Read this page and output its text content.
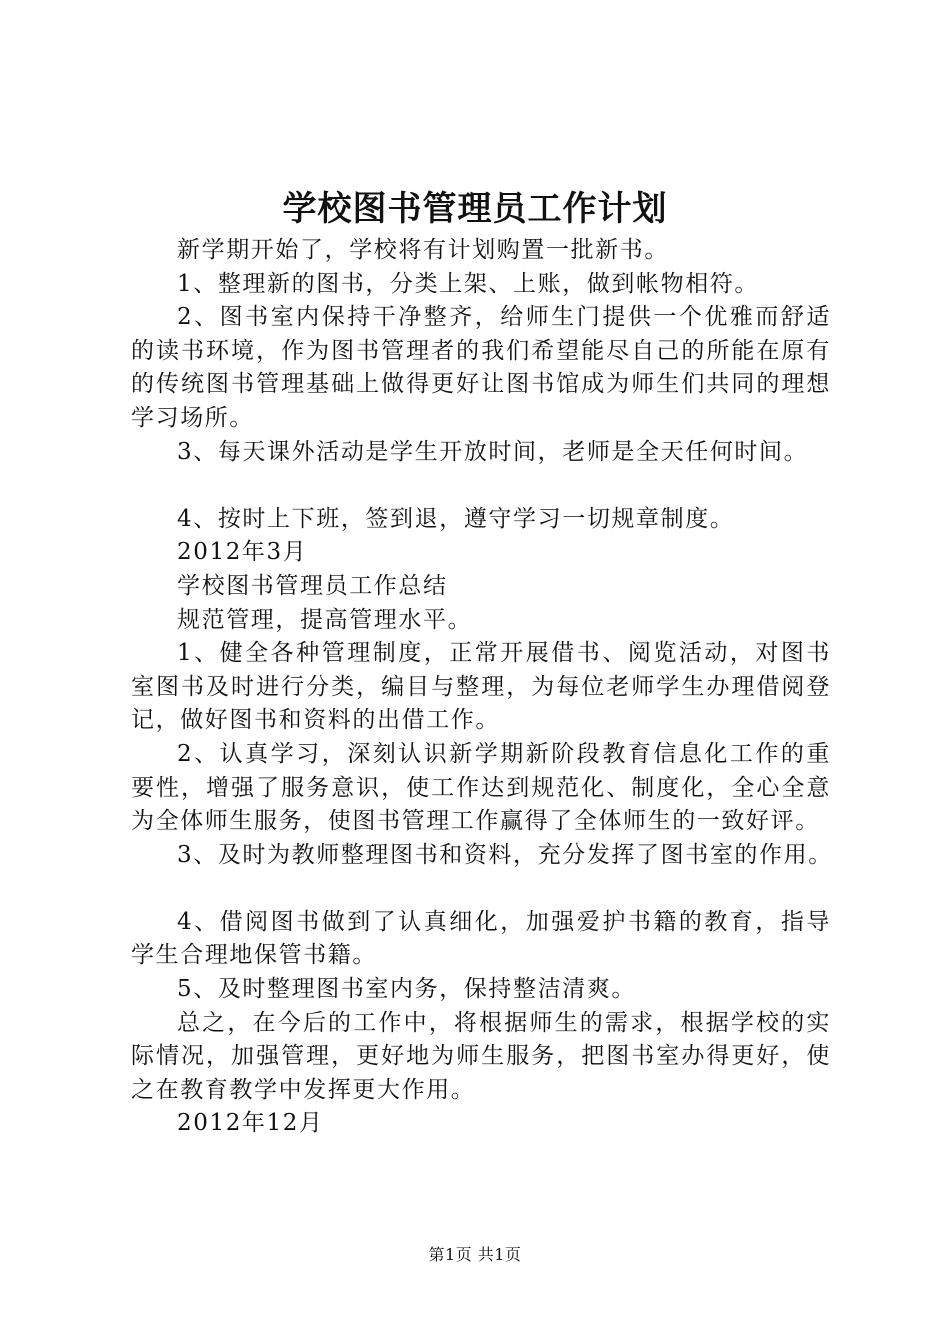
学校图书管理员工作计划

新学期开始了，学校将有计划购置一批新书。

1、整理新的图书，分类上架、上账，做到帐物相符。

2、图书室内保持干净整齐，给师生门提供一个优雅而舒适的读书环境，作为图书管理者的我们希望能尽自己的所能在原有的传统图书管理基础上做得更好让图书馆成为师生们共同的理想学习场所。

3、每天课外活动是学生开放时间，老师是全天任何时间。

4、按时上下班，签到退，遵守学习一切规章制度。

2012年3月

学校图书管理员工作总结

规范管理，提高管理水平。

1、健全各种管理制度，正常开展借书、阅览活动，对图书室图书及时进行分类，编目与整理，为每位老师学生办理借阅登记，做好图书和资料的出借工作。

2、认真学习，深刻认识新学期新阶段教育信息化工作的重要性，增强了服务意识，使工作达到规范化、制度化，全心全意为全体师生服务，使图书管理工作赢得了全体师生的一致好评。

3、及时为教师整理图书和资料，充分发挥了图书室的作用。

4、借阅图书做到了认真细化，加强爱护书籍的教育，指导学生合理地保管书籍。

5、及时整理图书室内务，保持整洁清爽。

总之，在今后的工作中，将根据师生的需求，根据学校的实际情况，加强管理，更好地为师生服务，把图书室办得更好，使之在教育教学中发挥更大作用。

2012年12月

第1页 共1页
